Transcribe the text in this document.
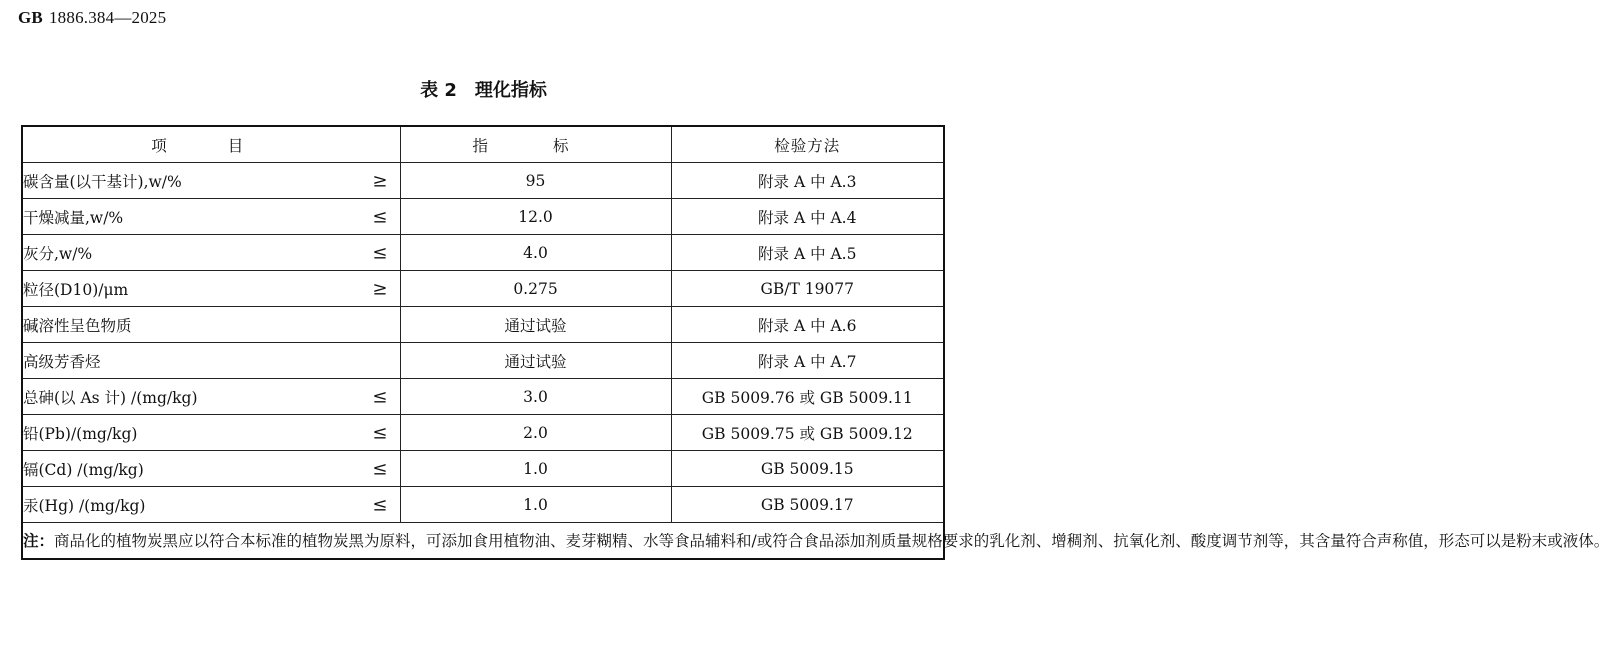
GB 1886.384—2025
表 2 理化指标
项 目	指 标	检验方法
碳含量(以干基计),w/% ≥	95	附录 A 中 A.3
干燥减量,w/% ≤	12.0	附录 A 中 A.4
灰分,w/% ≤	4.0	附录 A 中 A.5
粒径(D10)/μm ≥	0.275	GB/T 19077
碱溶性呈色物质	通过试验	附录 A 中 A.6
高级芳香烃	通过试验	附录 A 中 A.7
总砷(以 As 计) /(mg/kg) ≤	3.0	GB 5009.76 或 GB 5009.11
铅(Pb)/(mg/kg) ≤	2.0	GB 5009.75 或 GB 5009.12
镉(Cd) /(mg/kg) ≤	1.0	GB 5009.15
汞(Hg) /(mg/kg) ≤	1.0	GB 5009.17
注：商品化的植物炭黑应以符合本标准的植物炭黑为原料，可添加食用植物油、麦芽糊精、水等食品辅料和/或符合食品添加剂质量规格要求的乳化剂、增稠剂、抗氧化剂、酸度调节剂等，其含量符合声称值，形态可以是粉末或液体。		
